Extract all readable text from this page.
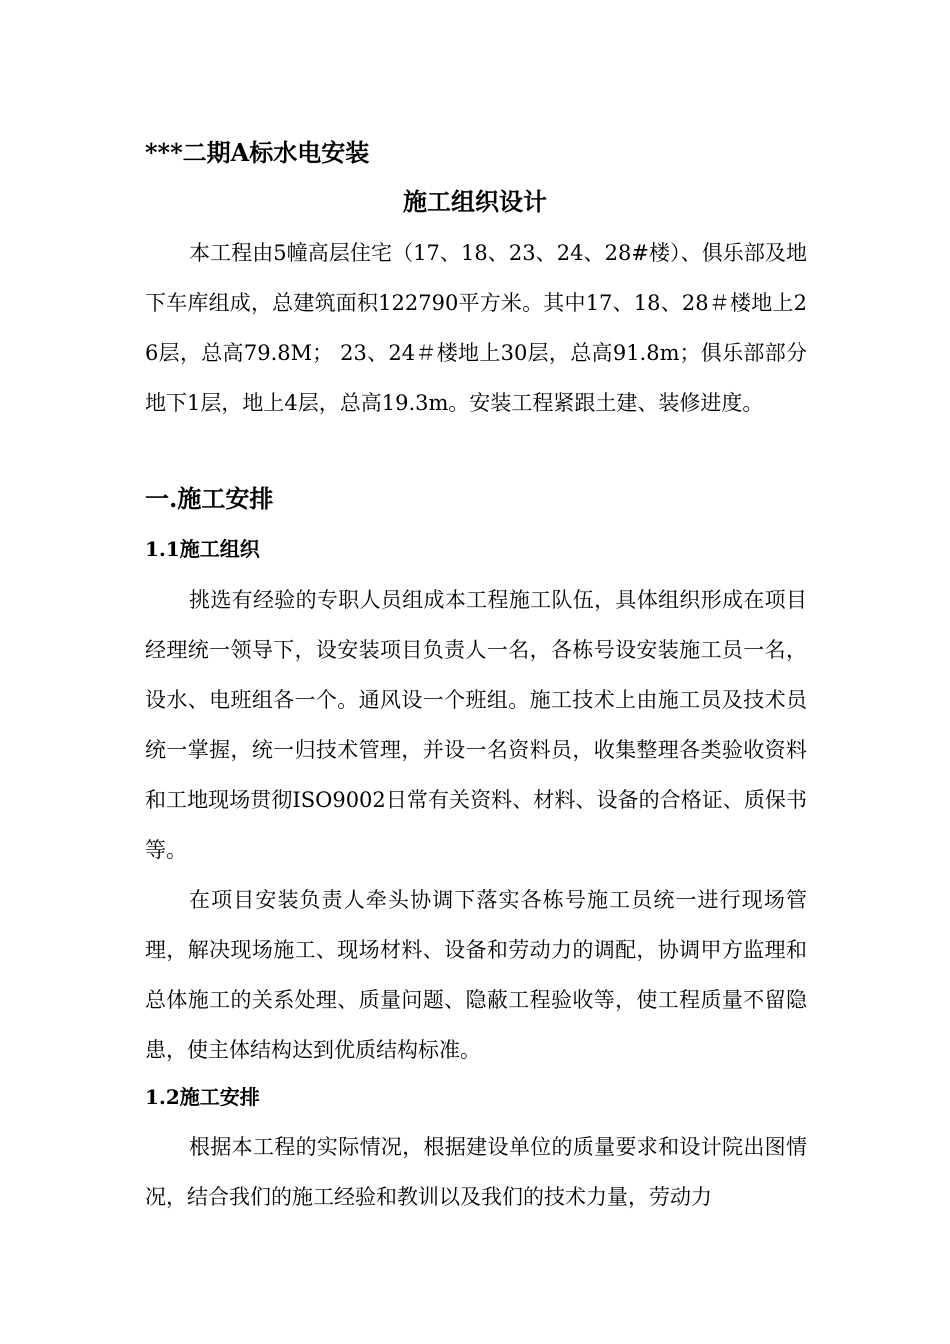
***二期A标水电安装
施工组织设计

本工程由5幢高层住宅（17、18、23、24、28#楼）、俱乐部及地下车库组成，总建筑面积122790平方米。其中17、18、28＃楼地上26层，总高79.8M； 23、24＃楼地上30层，总高91.8m；俱乐部部分地下1层，地上4层，总高19.3m。安装工程紧跟土建、装修进度。

一.施工安排
1.1施工组织

挑选有经验的专职人员组成本工程施工队伍，具体组织形成在项目经理统一领导下，设安装项目负责人一名，各栋号设安装施工员一名，设水、电班组各一个。通风设一个班组。施工技术上由施工员及技术员统一掌握，统一归技术管理，并设一名资料员，收集整理各类验收资料和工地现场贯彻ISO9002日常有关资料、材料、设备的合格证、质保书等。

在项目安装负责人牵头协调下落实各栋号施工员统一进行现场管理，解决现场施工、现场材料、设备和劳动力的调配，协调甲方监理和总体施工的关系处理、质量问题、隐蔽工程验收等，使工程质量不留隐患，使主体结构达到优质结构标准。

1.2施工安排

根据本工程的实际情况，根据建设单位的质量要求和设计院出图情况，结合我们的施工经验和教训以及我们的技术力量，劳动力
